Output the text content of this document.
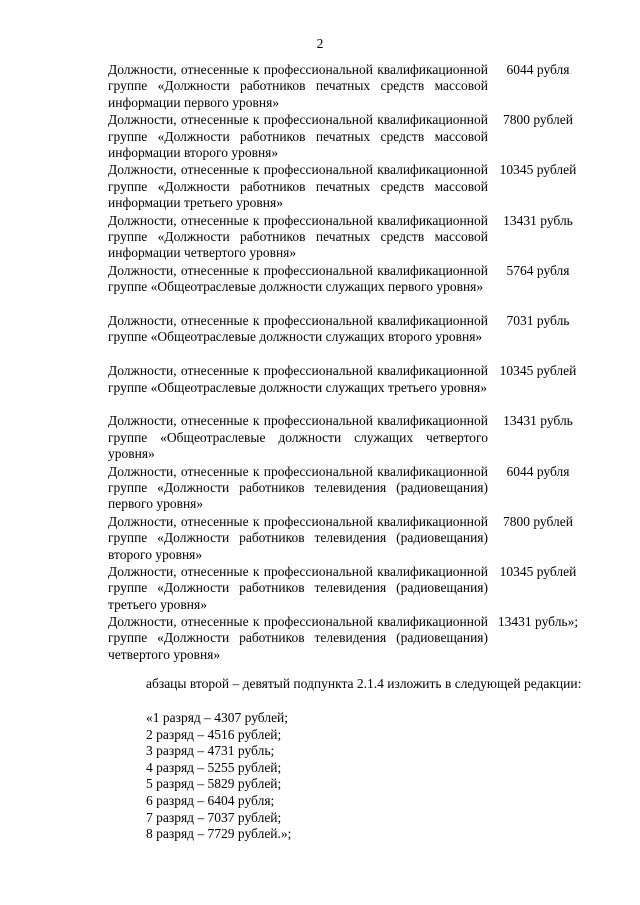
2
Должности, отнесенные к профессиональной квалификационной группе «Должности работников печатных средств массовой информации первого уровня»
6044 рубля
Должности, отнесенные к профессиональной квалификационной группе «Должности работников печатных средств массовой информации второго уровня»
7800 рублей
Должности, отнесенные к профессиональной квалификационной группе «Должности работников печатных средств массовой информации третьего уровня»
10345 рублей
Должности, отнесенные к профессиональной квалификационной группе «Должности работников печатных средств массовой информации четвертого уровня»
13431 рубль
Должности, отнесенные к профессиональной квалификационной группе «Общеотраслевые должности служащих первого уровня»
5764 рубля
Должности, отнесенные к профессиональной квалификационной группе «Общеотраслевые должности служащих второго уровня»
7031 рубль
Должности, отнесенные к профессиональной квалификационной группе «Общеотраслевые должности служащих третьего уровня»
10345 рублей
Должности, отнесенные к профессиональной квалификационной группе «Общеотраслевые должности служащих четвертого уровня»
13431 рубль
Должности, отнесенные к профессиональной квалификационной группе «Должности работников телевидения (радиовещания) первого уровня»
6044 рубля
Должности, отнесенные к профессиональной квалификационной группе «Должности работников телевидения (радиовещания) второго уровня»
7800 рублей
Должности, отнесенные к профессиональной квалификационной группе «Должности работников телевидения (радиовещания) третьего уровня»
10345 рублей
Должности, отнесенные к профессиональной квалификационной группе «Должности работников телевидения (радиовещания) четвертого уровня»
13431 рубль»;

абзацы второй – девятый подпункта 2.1.4 изложить в следующей редакции:

«1 разряд – 4307 рублей;
2 разряд – 4516 рублей;
3 разряд – 4731 рубль;
4 разряд – 5255 рублей;
5 разряд – 5829 рублей;
6 разряд – 6404 рубля;
7 разряд – 7037 рублей;
8 разряд – 7729 рублей.»;
